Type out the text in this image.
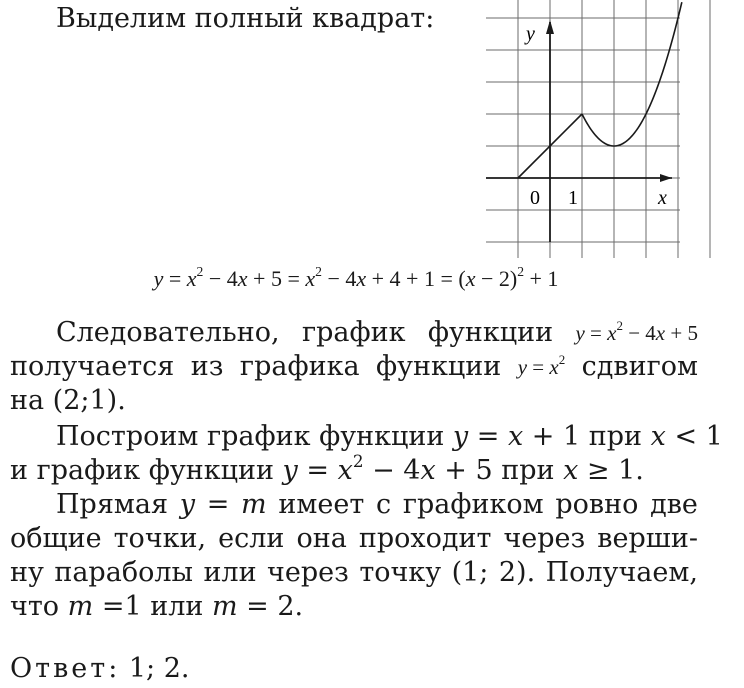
Выделим полный квадрат:	y
x
0 1
$y = x^2 - 4x + 5 = x^2 - 4x + 4 + 1 = (x - 2)^2 + 1$
Следовательно, график функции $y = x^2 - 4x + 5$
получается из графика функции $y = x^2$ сдвигом
на (2;1).
Построим график функции y = x + 1 при x < 1
и график функции $y = x^2 - 4x + 5$ при x ≥ 1.
Прямая y = m имеет с графиком ровно две
общие точки, если она проходит через верши-
ну параболы или через точку (1; 2). Получаем,
что m =1 или m = 2.
Ответ: 1; 2.
